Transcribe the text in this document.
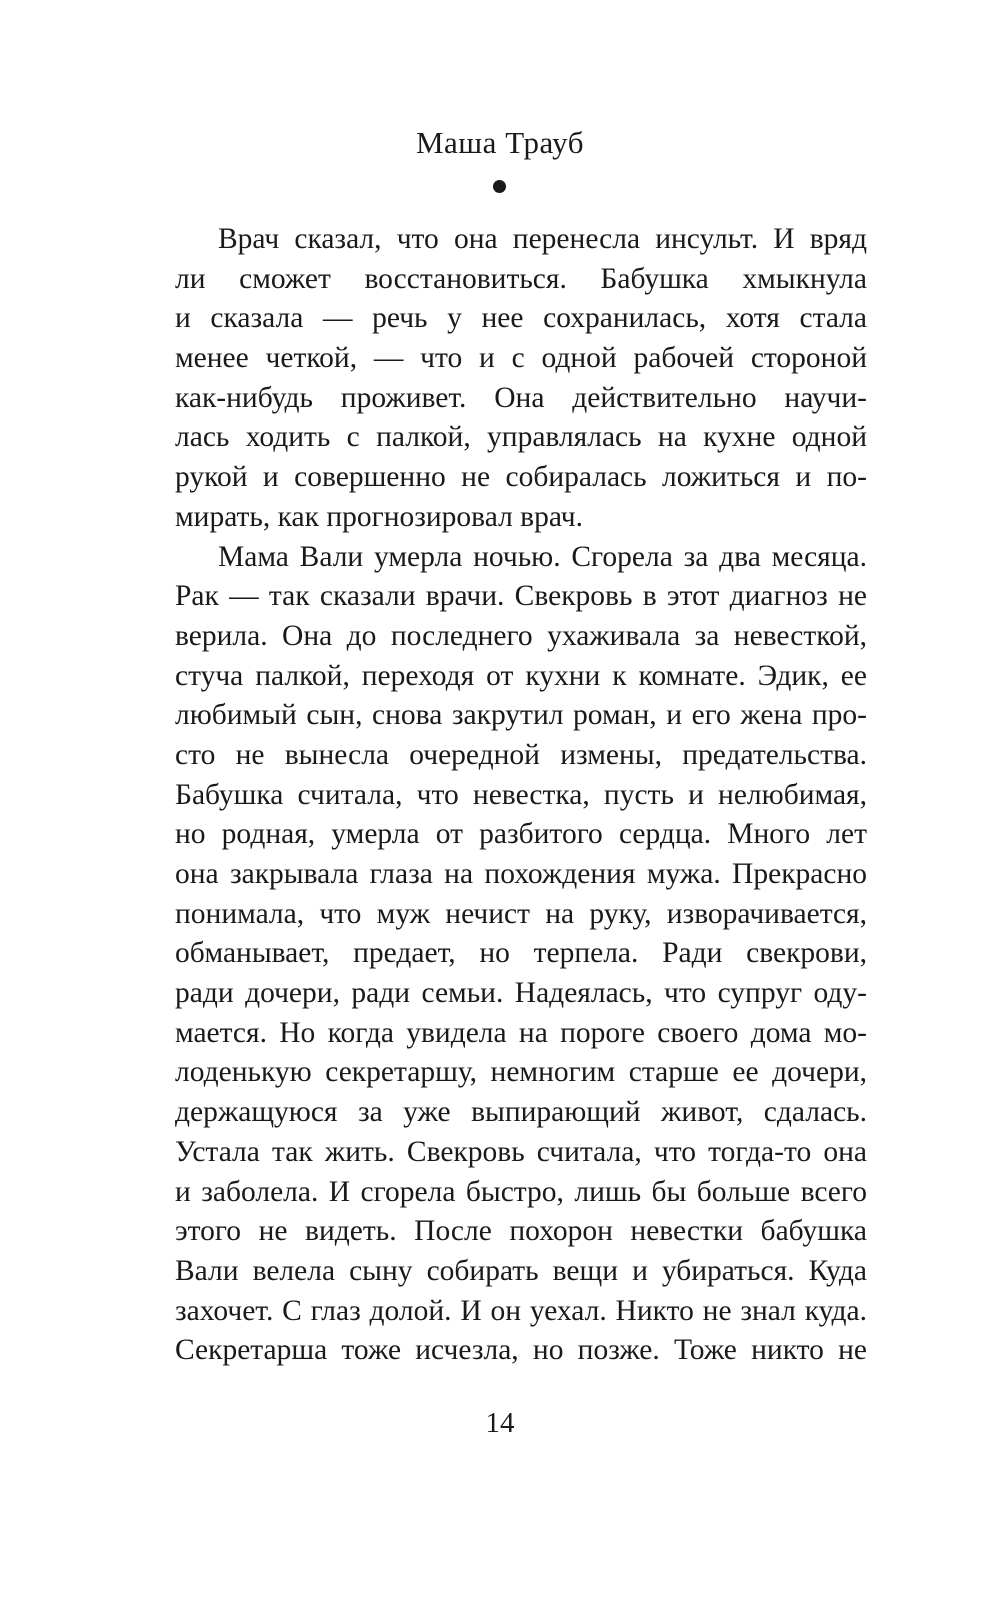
Маша Трауб
Врач сказал, что она перенесла инсульт. И вряд
ли сможет восстановиться. Бабушка хмыкнула
и сказала — речь у нее сохранилась, хотя стала
менее четкой, — что и с одной рабочей стороной
как-нибудь проживет. Она действительно научи-
лась ходить с палкой, управлялась на кухне одной
рукой и совершенно не собиралась ложиться и по-
мирать, как прогнозировал врач.
Мама Вали умерла ночью. Сгорела за два месяца.
Рак — так сказали врачи. Свекровь в этот диагноз не
верила. Она до последнего ухаживала за невесткой,
стуча палкой, переходя от кухни к комнате. Эдик, ее
любимый сын, снова закрутил роман, и его жена про-
сто не вынесла очередной измены, предательства.
Бабушка считала, что невестка, пусть и нелюбимая,
но родная, умерла от разбитого сердца. Много лет
она закрывала глаза на похождения мужа. Прекрасно
понимала, что муж нечист на руку, изворачивается,
обманывает, предает, но терпела. Ради свекрови,
ради дочери, ради семьи. Надеялась, что супруг оду-
мается. Но когда увидела на пороге своего дома мо-
лоденькую секретаршу, немногим старше ее дочери,
держащуюся за уже выпирающий живот, сдалась.
Устала так жить. Свекровь считала, что тогда-то она
и заболела. И сгорела быстро, лишь бы больше всего
этого не видеть. После похорон невестки бабушка
Вали велела сыну собирать вещи и убираться. Куда
захочет. С глаз долой. И он уехал. Никто не знал куда.
Секретарша тоже исчезла, но позже. Тоже никто не
14
